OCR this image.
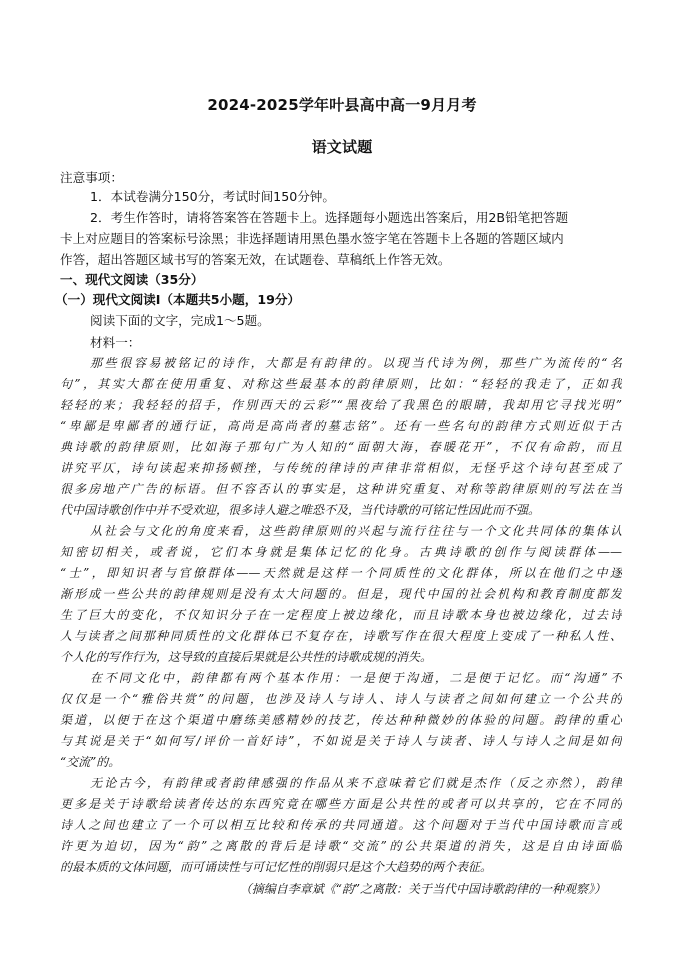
2024-2025学年叶县高中高一9月月考
语文试题
注意事项：
1．本试卷满分150分，考试时间150分钟。
2．考生作答时，请将答案答在答题卡上。选择题每小题选出答案后，用2B铅笔把答题
卡上对应题目的答案标号涂黑；非选择题请用黑色墨水签字笔在答题卡上各题的答题区域内
作答，超出答题区域书写的答案无效，在试题卷、草稿纸上作答无效。
一、现代文阅读（35分）
（一）现代文阅读Ⅰ（本题共5小题，19分）
阅读下面的文字，完成1～5题。
材料一：
那些很容易被铭记的诗作，大都是有韵律的。以现当代诗为例，那些广为流传的“名
句”，其实大都在使用重复、对称这些最基本的韵律原则，比如：“轻轻的我走了，正如我
轻轻的来；我轻轻的招手，作别西天的云彩”“黑夜给了我黑色的眼睛，我却用它寻找光明”
“卑鄙是卑鄙者的通行证，高尚是高尚者的墓志铭”。还有一些名句的韵律方式则近似于古
典诗歌的韵律原则，比如海子那句广为人知的“面朝大海，春暖花开”，不仅有命韵，而且
讲究平仄，诗句读起来抑扬顿挫，与传统的律诗的声律非常相似，无怪乎这个诗句甚至成了
很多房地产广告的标语。但不容否认的事实是，这种讲究重复、对称等韵律原则的写法在当
代中国诗歌创作中并不受欢迎，很多诗人避之唯恐不及，当代诗歌的可铭记性因此而不强。
从社会与文化的角度来看，这些韵律原则的兴起与流行往往与一个文化共同体的集体认
知密切相关，或者说，它们本身就是集体记忆的化身。古典诗歌的创作与阅读群体——
“士”，即知识者与官僚群体——天然就是这样一个同质性的文化群体，所以在他们之中逐
渐形成一些公共的韵律规则是没有太大问题的。但是，现代中国的社会机构和教育制度都发
生了巨大的变化，不仅知识分子在一定程度上被边缘化，而且诗歌本身也被边缘化，过去诗
人与读者之间那种同质性的文化群体已不复存在，诗歌写作在很大程度上变成了一种私人性、
个人化的写作行为，这导致的直接后果就是公共性的诗歌成规的消失。
在不同文化中，韵律都有两个基本作用：一是便于沟通，二是便于记忆。而“沟通”不
仅仅是一个“雅俗共赏”的问题，也涉及诗人与诗人、诗人与读者之间如何建立一个公共的
渠道，以便于在这个渠道中磨练美感精妙的技艺，传达种种微妙的体验的问题。韵律的重心
与其说是关于“如何写/评价一首好诗”，不如说是关于诗人与读者、诗人与诗人之间是如何
“交流”的。
无论古今，有韵律或者韵律感强的作品从来不意味着它们就是杰作（反之亦然），韵律
更多是关于诗歌给读者传达的东西究竟在哪些方面是公共性的或者可以共享的，它在不同的
诗人之间也建立了一个可以相互比较和传承的共同通道。这个问题对于当代中国诗歌而言或
许更为迫切，因为“韵”之离散的背后是诗歌“交流”的公共渠道的消失，这是自由诗面临
的最本质的文体问题，而可诵读性与可记忆性的削弱只是这个大趋势的两个表征。
（摘编自李章斌《“韵”之离散：关于当代中国诗歌韵律的一种观察》）
